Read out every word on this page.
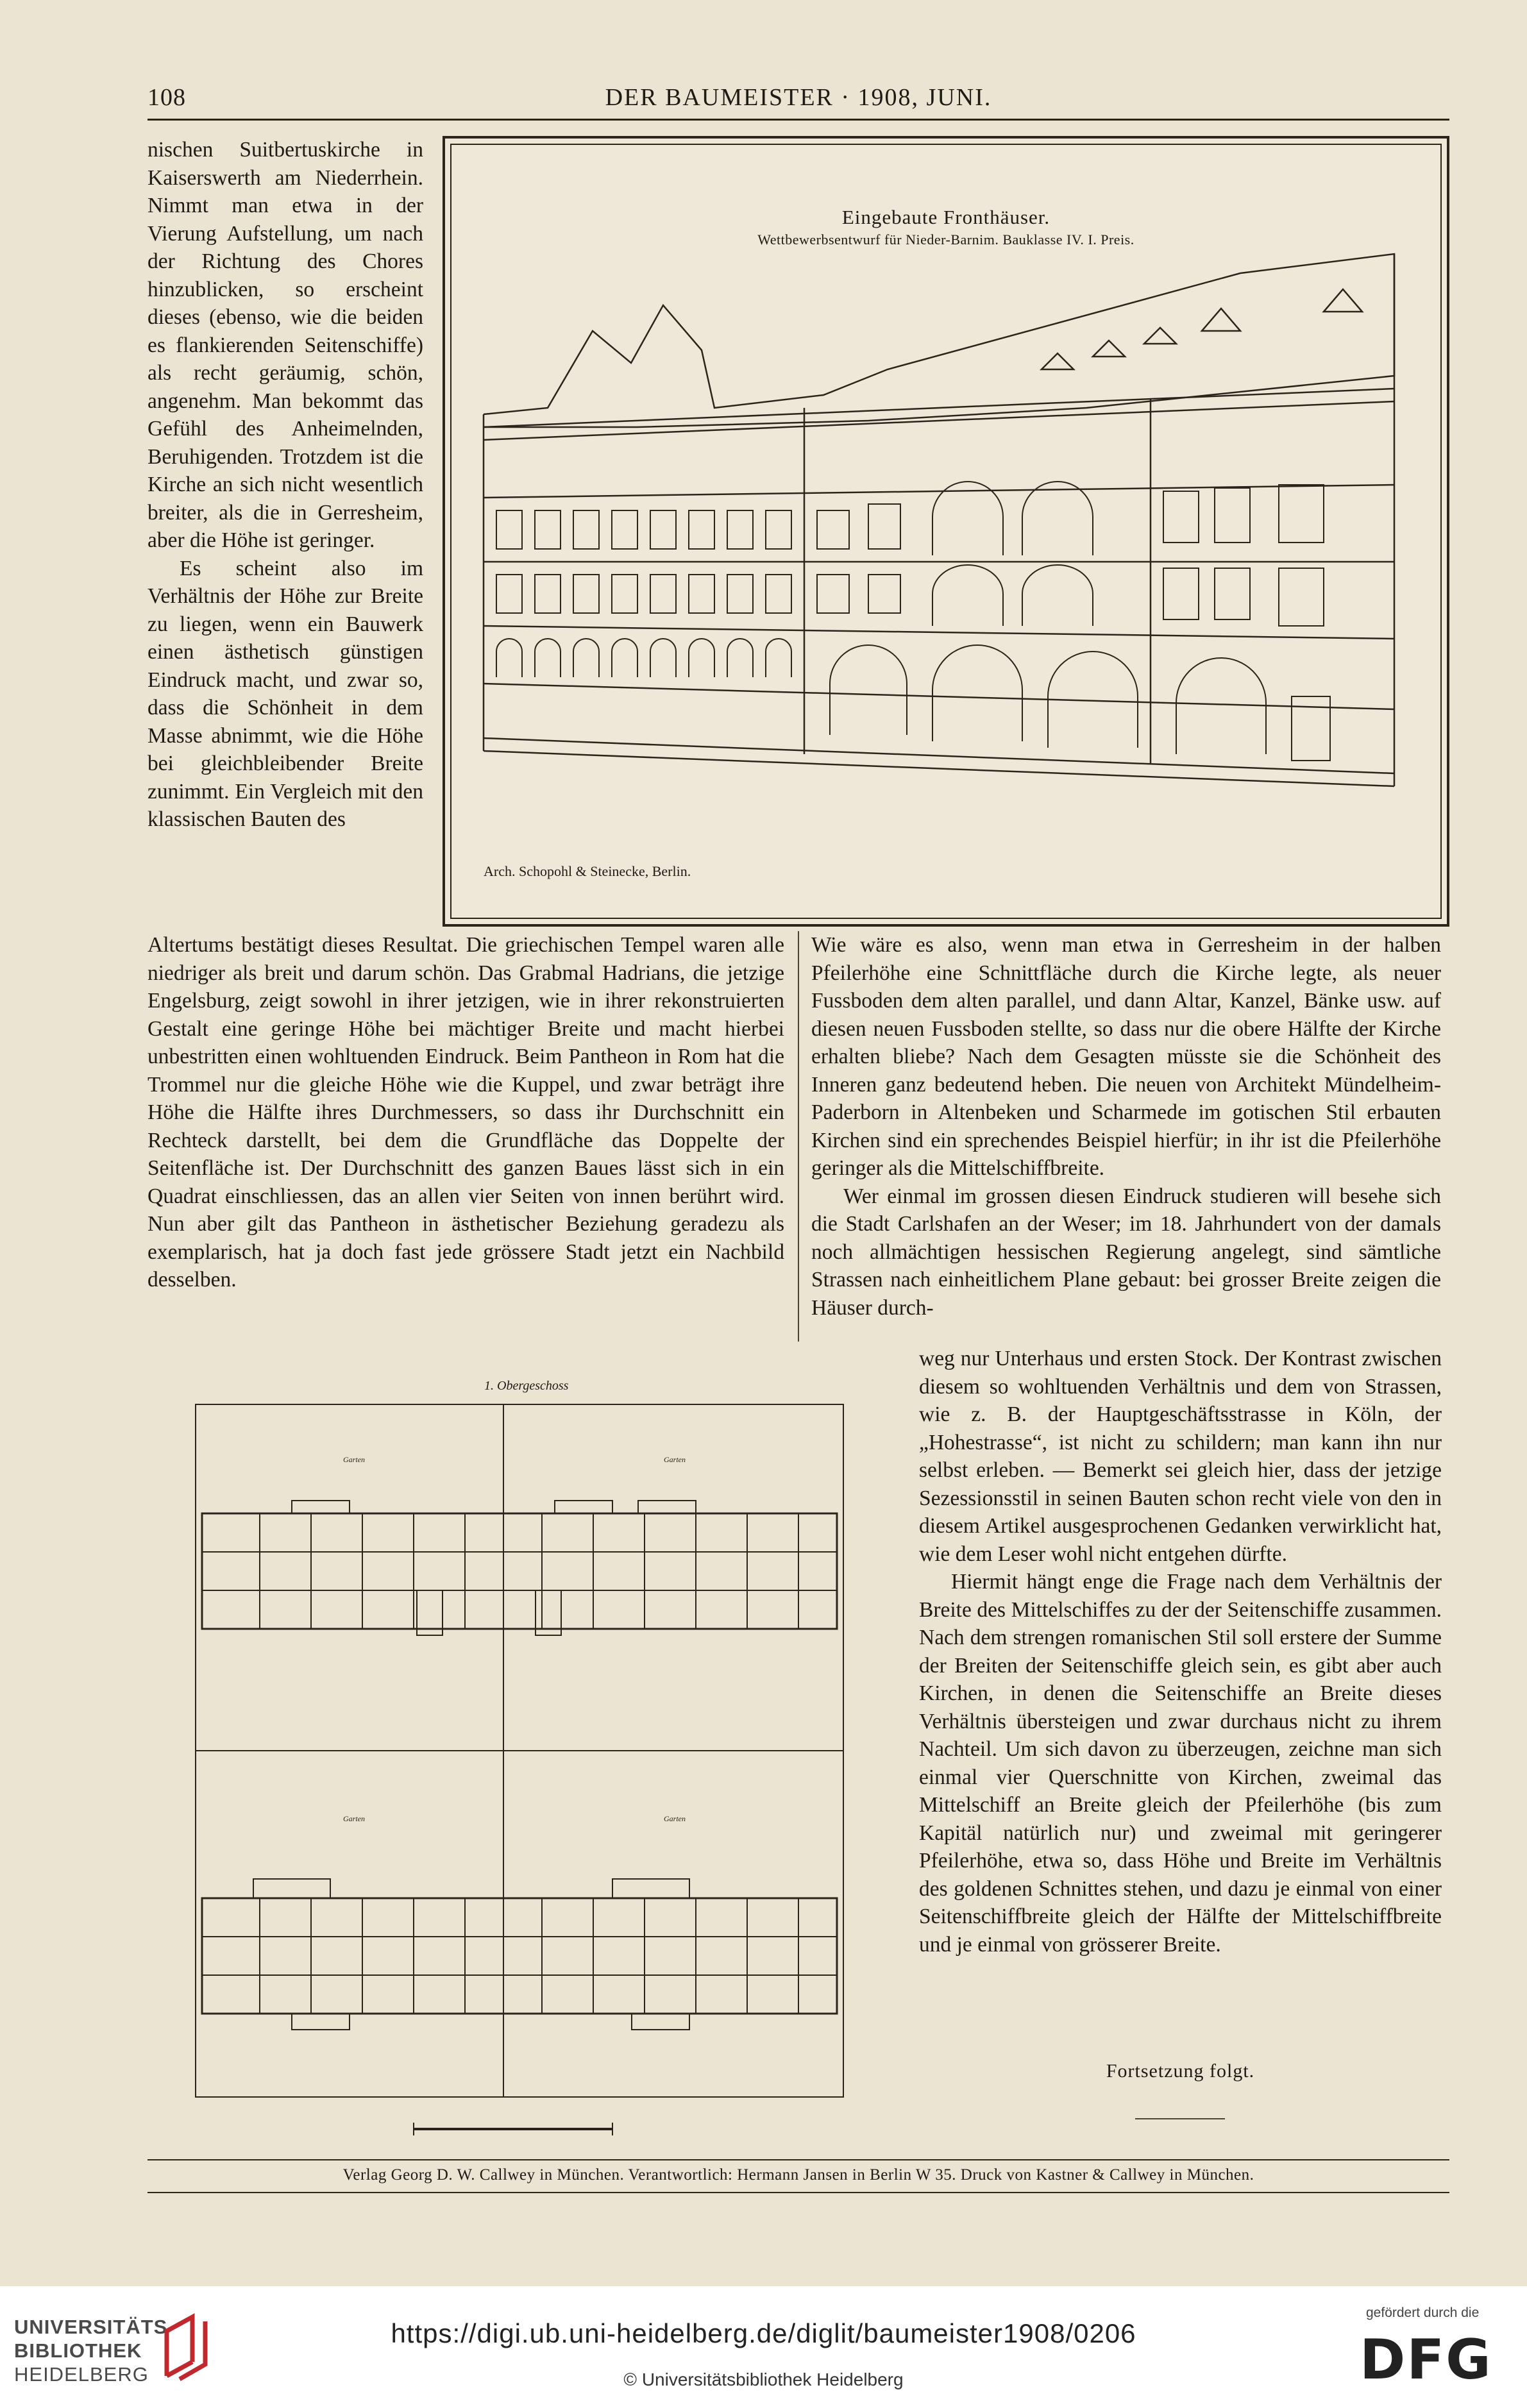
108	DER BAUMEISTER · 1908, JUNI.

nischen Suitbertuskirche in Kaiserswerth am Niederrhein. Nimmt man etwa in der Vierung Aufstellung, um nach der Richtung des Chores hinzublicken, so erscheint dieses (ebenso, wie die beiden es flankierenden Seitenschiffe) als recht geräumig, schön, angenehm. Man bekommt das Gefühl des Anheimelnden, Beruhigenden. Trotzdem ist die Kirche an sich nicht wesentlich breiter, als die in Gerresheim, aber die Höhe ist geringer.

Es scheint also im Verhältnis der Höhe zur Breite zu liegen, wenn ein Bauwerk einen ästhetisch günstigen Eindruck macht, und zwar so, dass die Schönheit in dem Masse abnimmt, wie die Höhe bei gleichbleibender Breite zunimmt. Ein Vergleich mit den klassischen Bauten des

Eingebaute Fronthäuser.
Wettbewerbsentwurf für Nieder-Barnim. Bauklasse IV. I. Preis.
Arch. Schopohl & Steinecke, Berlin.

Altertums bestätigt dieses Resultat. Die griechischen Tempel waren alle niedriger als breit und darum schön. Das Grabmal Hadrians, die jetzige Engelsburg, zeigt sowohl in ihrer jetzigen, wie in ihrer rekonstruierten Gestalt eine geringe Höhe bei mächtiger Breite und macht hierbei unbestritten einen wohltuenden Eindruck. Beim Pantheon in Rom hat die Trommel nur die gleiche Höhe wie die Kuppel, und zwar beträgt ihre Höhe die Hälfte ihres Durchmessers, so dass ihr Durchschnitt ein Rechteck darstellt, bei dem die Grundfläche das Doppelte der Seitenfläche ist. Der Durchschnitt des ganzen Baues lässt sich in ein Quadrat einschliessen, das an allen vier Seiten von innen berührt wird. Nun aber gilt das Pantheon in ästhetischer Beziehung geradezu als exemplarisch, hat ja doch fast jede grössere Stadt jetzt ein Nachbild desselben.

Wie wäre es also, wenn man etwa in Gerresheim in der halben Pfeilerhöhe eine Schnittfläche durch die Kirche legte, als neuer Fussboden dem alten parallel, und dann Altar, Kanzel, Bänke usw. auf diesen neuen Fussboden stellte, so dass nur die obere Hälfte der Kirche erhalten bliebe? Nach dem Gesagten müsste sie die Schönheit des Inneren ganz bedeutend heben. Die neuen von Architekt Mündelheim-Paderborn in Altenbeken und Scharmede im gotischen Stil erbauten Kirchen sind ein sprechendes Beispiel hierfür; in ihr ist die Pfeilerhöhe geringer als die Mittelschiffbreite.

Wer einmal im grossen diesen Eindruck studieren will besehe sich die Stadt Carlshafen an der Weser; im 18. Jahrhundert von der damals noch allmächtigen hessischen Regierung angelegt, sind sämtliche Strassen nach einheitlichem Plane gebaut: bei grosser Breite zeigen die Häuser durch-

1. Obergeschoss
Garten	Garten
Garten	Garten

weg nur Unterhaus und ersten Stock. Der Kontrast zwischen diesem so wohltuenden Verhältnis und dem von Strassen, wie z. B. der Hauptgeschäftsstrasse in Köln, der „Hohestrasse“, ist nicht zu schildern; man kann ihn nur selbst erleben. — Bemerkt sei gleich hier, dass der jetzige Sezessionsstil in seinen Bauten schon recht viele von den in diesem Artikel ausgesprochenen Gedanken verwirklicht hat, wie dem Leser wohl nicht entgehen dürfte.

Hiermit hängt enge die Frage nach dem Verhältnis der Breite des Mittelschiffes zu der der Seitenschiffe zusammen. Nach dem strengen romanischen Stil soll erstere der Summe der Breiten der Seitenschiffe gleich sein, es gibt aber auch Kirchen, in denen die Seitenschiffe an Breite dieses Verhältnis übersteigen und zwar durchaus nicht zu ihrem Nachteil. Um sich davon zu überzeugen, zeichne man sich einmal vier Querschnitte von Kirchen, zweimal das Mittelschiff an Breite gleich der Pfeilerhöhe (bis zum Kapitäl natürlich nur) und zweimal mit geringerer Pfeilerhöhe, etwa so, dass Höhe und Breite im Verhältnis des goldenen Schnittes stehen, und dazu je einmal von einer Seitenschiffbreite gleich der Hälfte der Mittelschiffbreite und je einmal von grösserer Breite.

Fortsetzung folgt.
Verlag Georg D. W. Callwey in München. Verantwortlich: Hermann Jansen in Berlin W 35. Druck von Kastner & Callwey in München.
UNIVERSITÄTS-
BIBLIOTHEK
HEIDELBERG
https://digi.ub.uni-heidelberg.de/diglit/baumeister1908/0206
© Universitätsbibliothek Heidelberg
gefördert durch die
DFG
